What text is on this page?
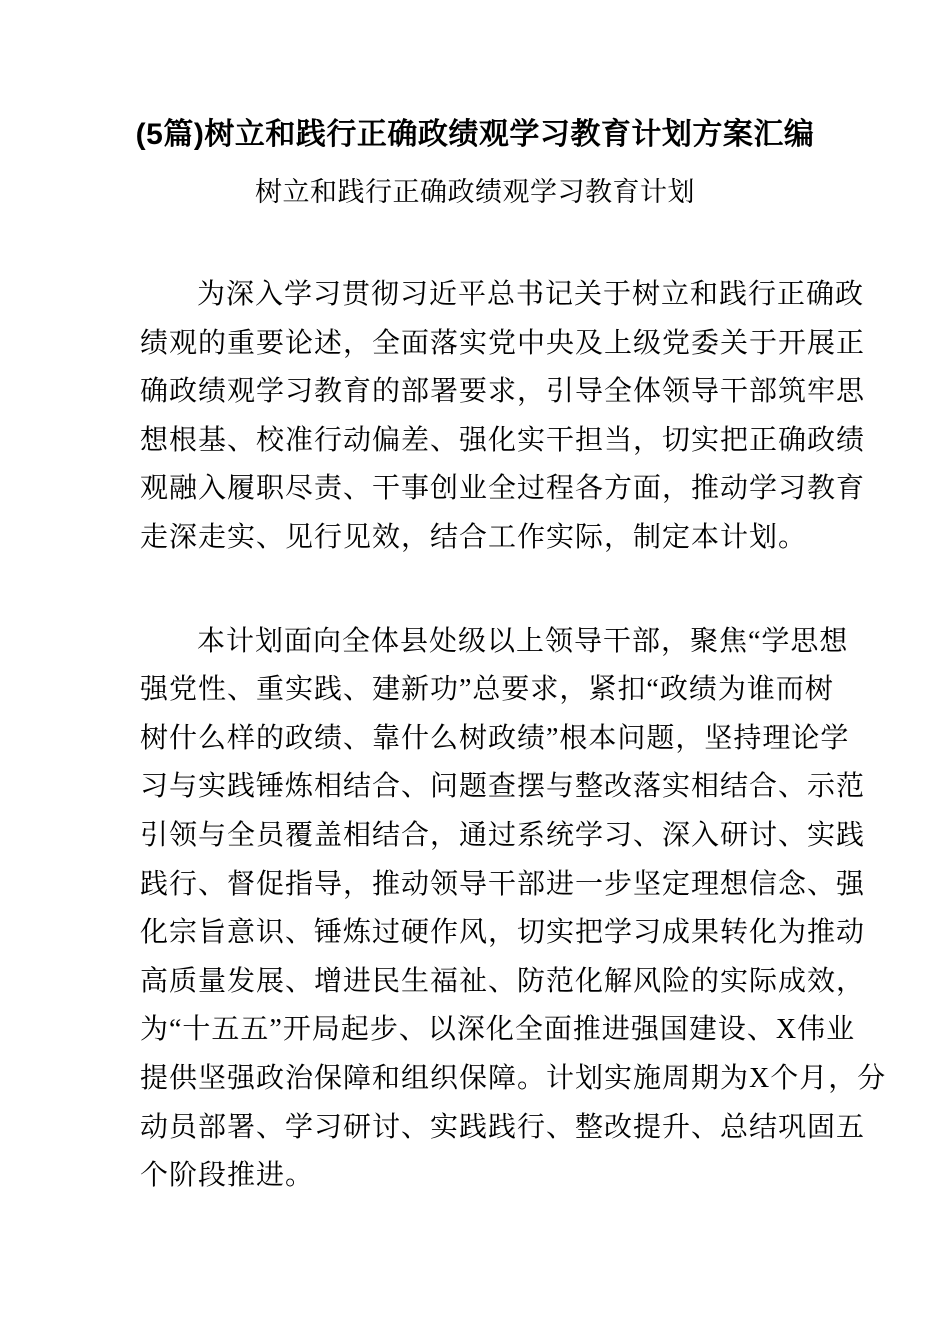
(5篇)树立和践行正确政绩观学习教育计划方案汇编
树立和践行正确政绩观学习教育计划
为深入学习贯彻习近平总书记关于树立和践行正确政
绩观的重要论述，全面落实党中央及上级党委关于开展正
确政绩观学习教育的部署要求，引导全体领导干部筑牢思
想根基、校准行动偏差、强化实干担当，切实把正确政绩
观融入履职尽责、干事创业全过程各方面，推动学习教育
走深走实、见行见效，结合工作实际，制定本计划。
本计划面向全体县处级以上领导干部，聚焦“学思想
强党性、重实践、建新功”总要求，紧扣“政绩为谁而树
树什么样的政绩、靠什么树政绩”根本问题，坚持理论学
习与实践锤炼相结合、问题查摆与整改落实相结合、示范
引领与全员覆盖相结合，通过系统学习、深入研讨、实践
践行、督促指导，推动领导干部进一步坚定理想信念、强
化宗旨意识、锤炼过硬作风，切实把学习成果转化为推动
高质量发展、增进民生福祉、防范化解风险的实际成效，
为“十五五”开局起步、以深化全面推进强国建设、X伟业
提供坚强政治保障和组织保障。计划实施周期为X个月，分
动员部署、学习研讨、实践践行、整改提升、总结巩固五
个阶段推进。
